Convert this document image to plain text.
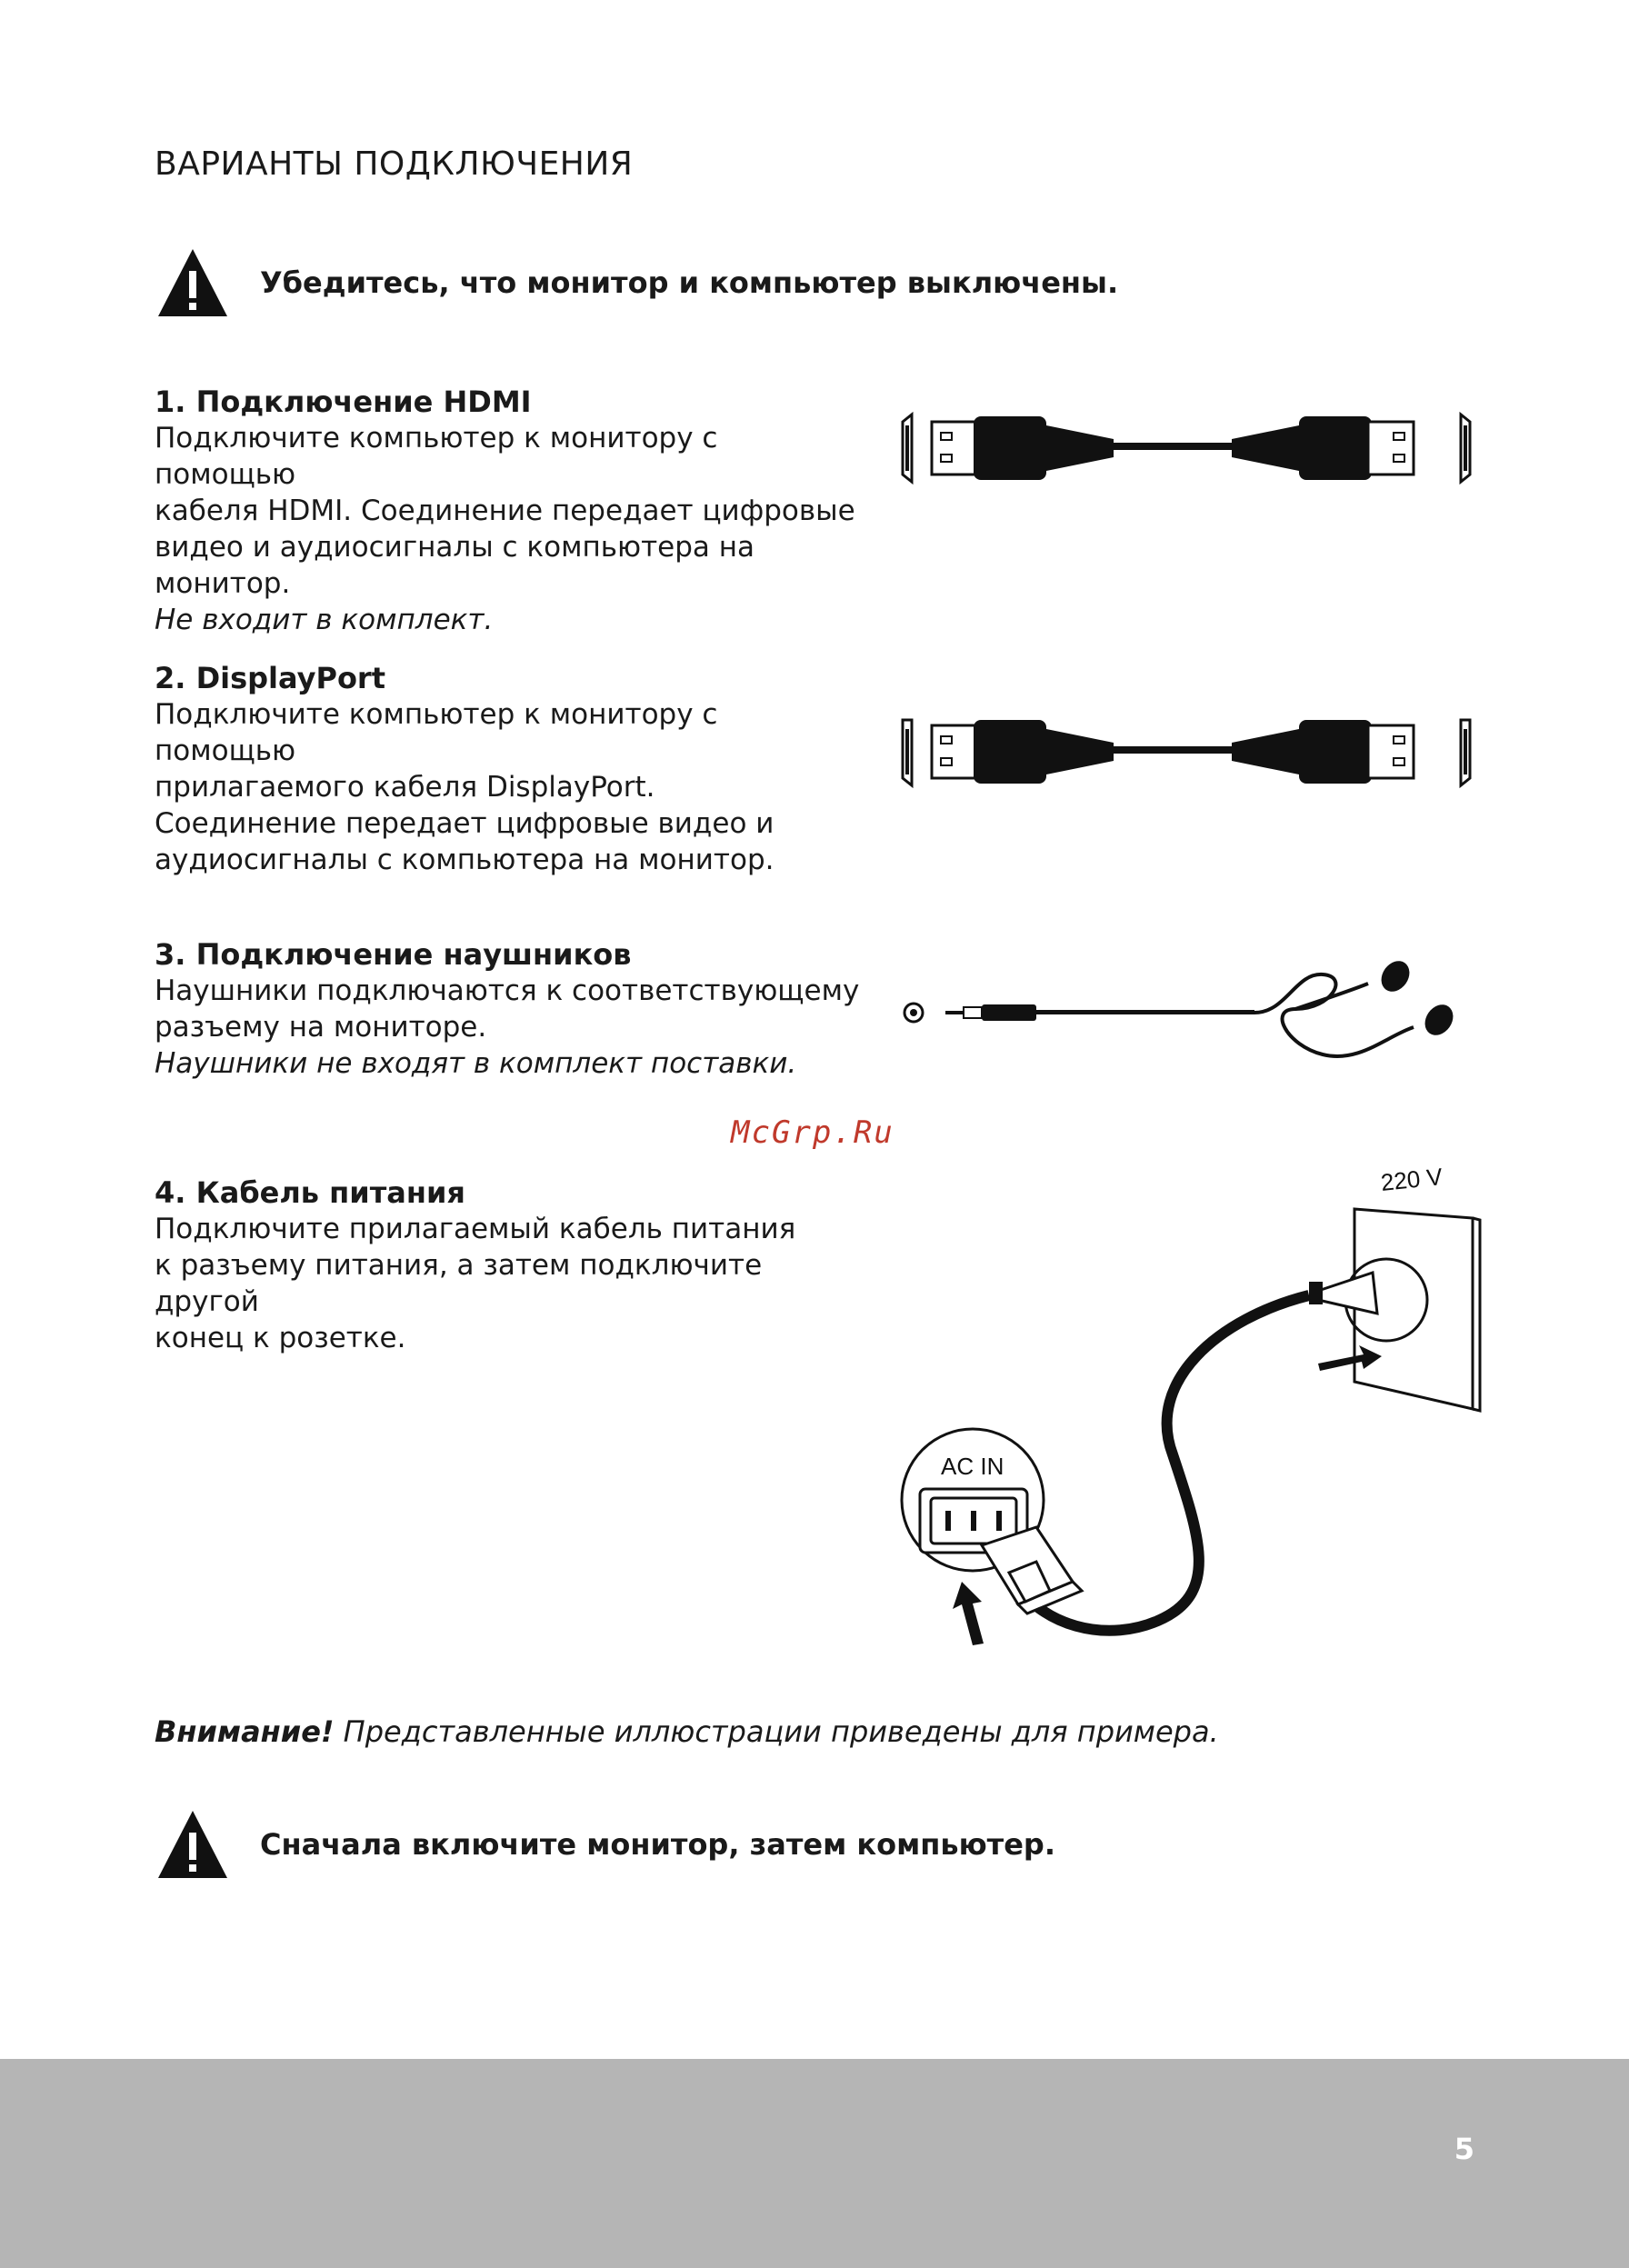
ВАРИАНТЫ ПОДКЛЮЧЕНИЯ
Убедитесь, что монитор и компьютер выключены.
1. Подключение HDMI

Подключите компьютер к монитору с помощью

кабеля HDMI. Соединение передает цифровые

видео и аудиосигналы с компьютера на монитор.

Не входит в комплект.

2. DisplayPort

Подключите компьютер к монитору с помощью

прилагаемого кабеля DisplayPort.

Соединение передает цифровые видео и

аудиосигналы с компьютера на монитор.

3. Подключение наушников

Наушники подключаются к соответствующему

разъему на мониторе.

Наушники не входят в комплект поставки.

McGrp.Ru
4. Кабель питания

Подключите прилагаемый кабель питания

к разъему питания, а затем подключите другой

конец к розетке.

220 V
AC IN
Внимание! Представленные иллюстрации приведены для примера.
Сначала включите монитор, затем компьютер.
5
